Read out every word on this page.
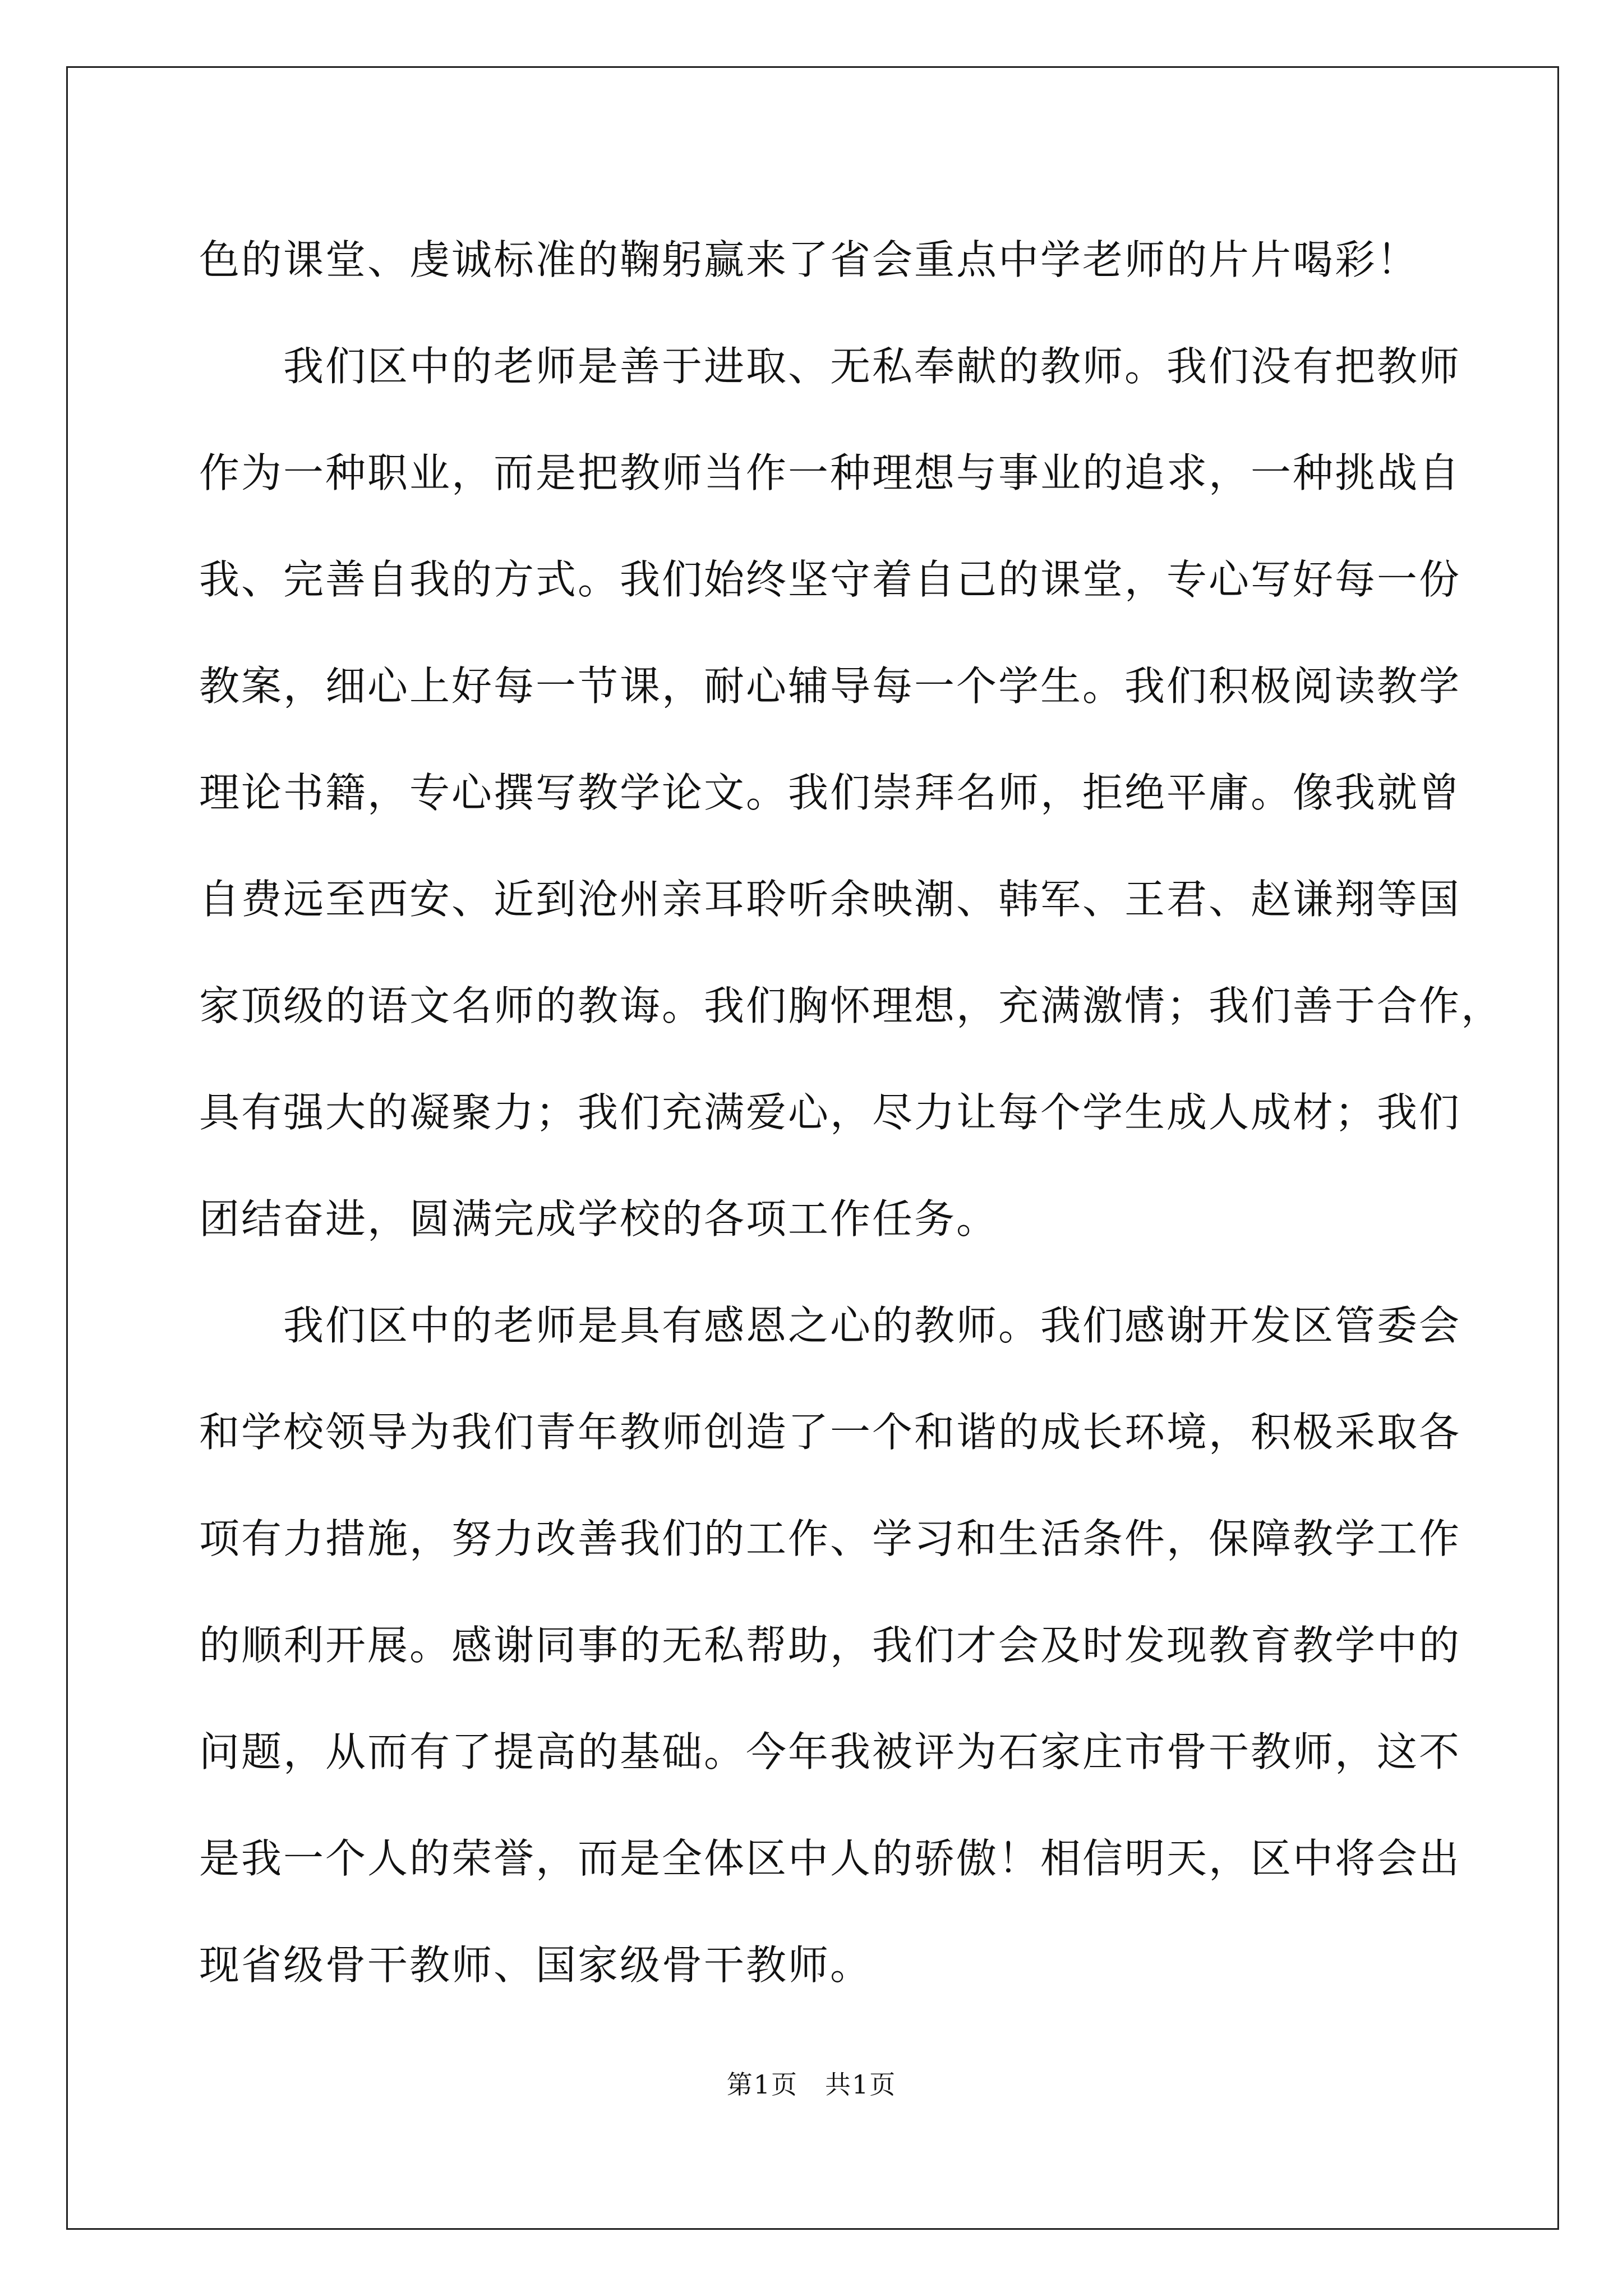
色的课堂、虔诚标准的鞠躬赢来了省会重点中学老师的片片喝彩！
我们区中的老师是善于进取、无私奉献的教师。我们没有把教师
作为一种职业，而是把教师当作一种理想与事业的追求，一种挑战自
我、完善自我的方式。我们始终坚守着自己的课堂，专心写好每一份
教案，细心上好每一节课，耐心辅导每一个学生。我们积极阅读教学
理论书籍，专心撰写教学论文。我们崇拜名师，拒绝平庸。像我就曾
自费远至西安、近到沧州亲耳聆听余映潮、韩军、王君、赵谦翔等国
家顶级的语文名师的教诲。我们胸怀理想，充满激情；我们善于合作，
具有强大的凝聚力；我们充满爱心，尽力让每个学生成人成材；我们
团结奋进，圆满完成学校的各项工作任务。
我们区中的老师是具有感恩之心的教师。我们感谢开发区管委会
和学校领导为我们青年教师创造了一个和谐的成长环境，积极采取各
项有力措施，努力改善我们的工作、学习和生活条件，保障教学工作
的顺利开展。感谢同事的无私帮助，我们才会及时发现教育教学中的
问题，从而有了提高的基础。今年我被评为石家庄市骨干教师，这不
是我一个人的荣誉，而是全体区中人的骄傲！相信明天，区中将会出
现省级骨干教师、国家级骨干教师。
第1页　共1页
